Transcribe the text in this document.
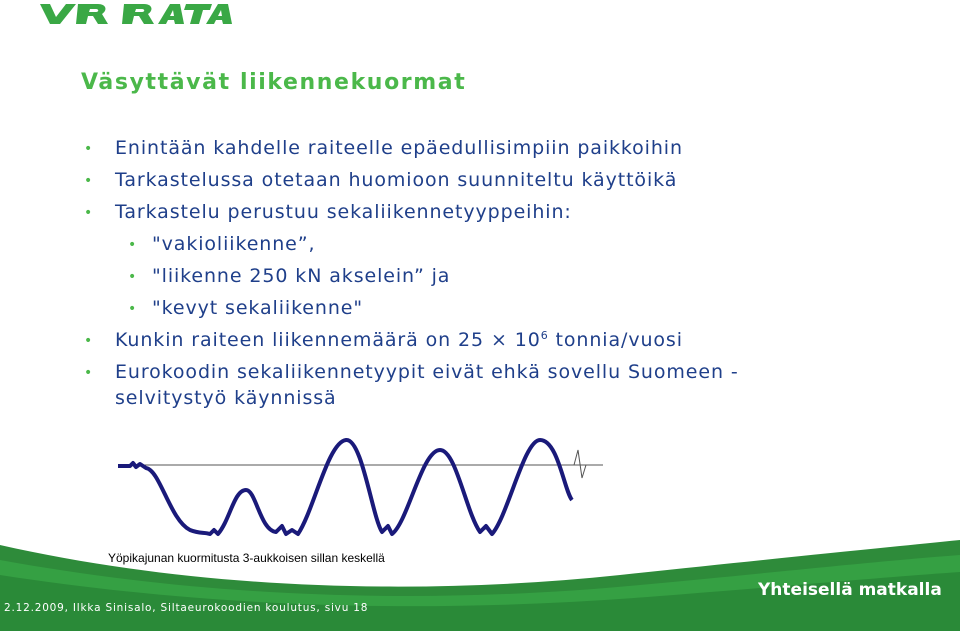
Väsyttävät liikennekuormat
• Enintään kahdelle raiteelle epäedullisimpiin paikkoihin
• Tarkastelussa otetaan huomioon suunniteltu käyttöikä
• Tarkastelu perustuu sekaliikennetyyppeihin:
• "vakioliikenne”,
• "liikenne 250 kN akselein” ja
• "kevyt sekaliikenne"
• Kunkin raiteen liikennemäärä on $25 \times 10^6$ tonnia/vuosi
• Eurokoodin sekaliikennetyypit eivät ehkä sovellu Suomeen -
selvitystyö käynnissä
Yöpikajunan kuormitusta 3-aukkoisen sillan keskellä
2.12.2009, Ilkka Sinisalo, Siltaeurokoodien koulutus, sivu 18
Yhteisellä matkalla
